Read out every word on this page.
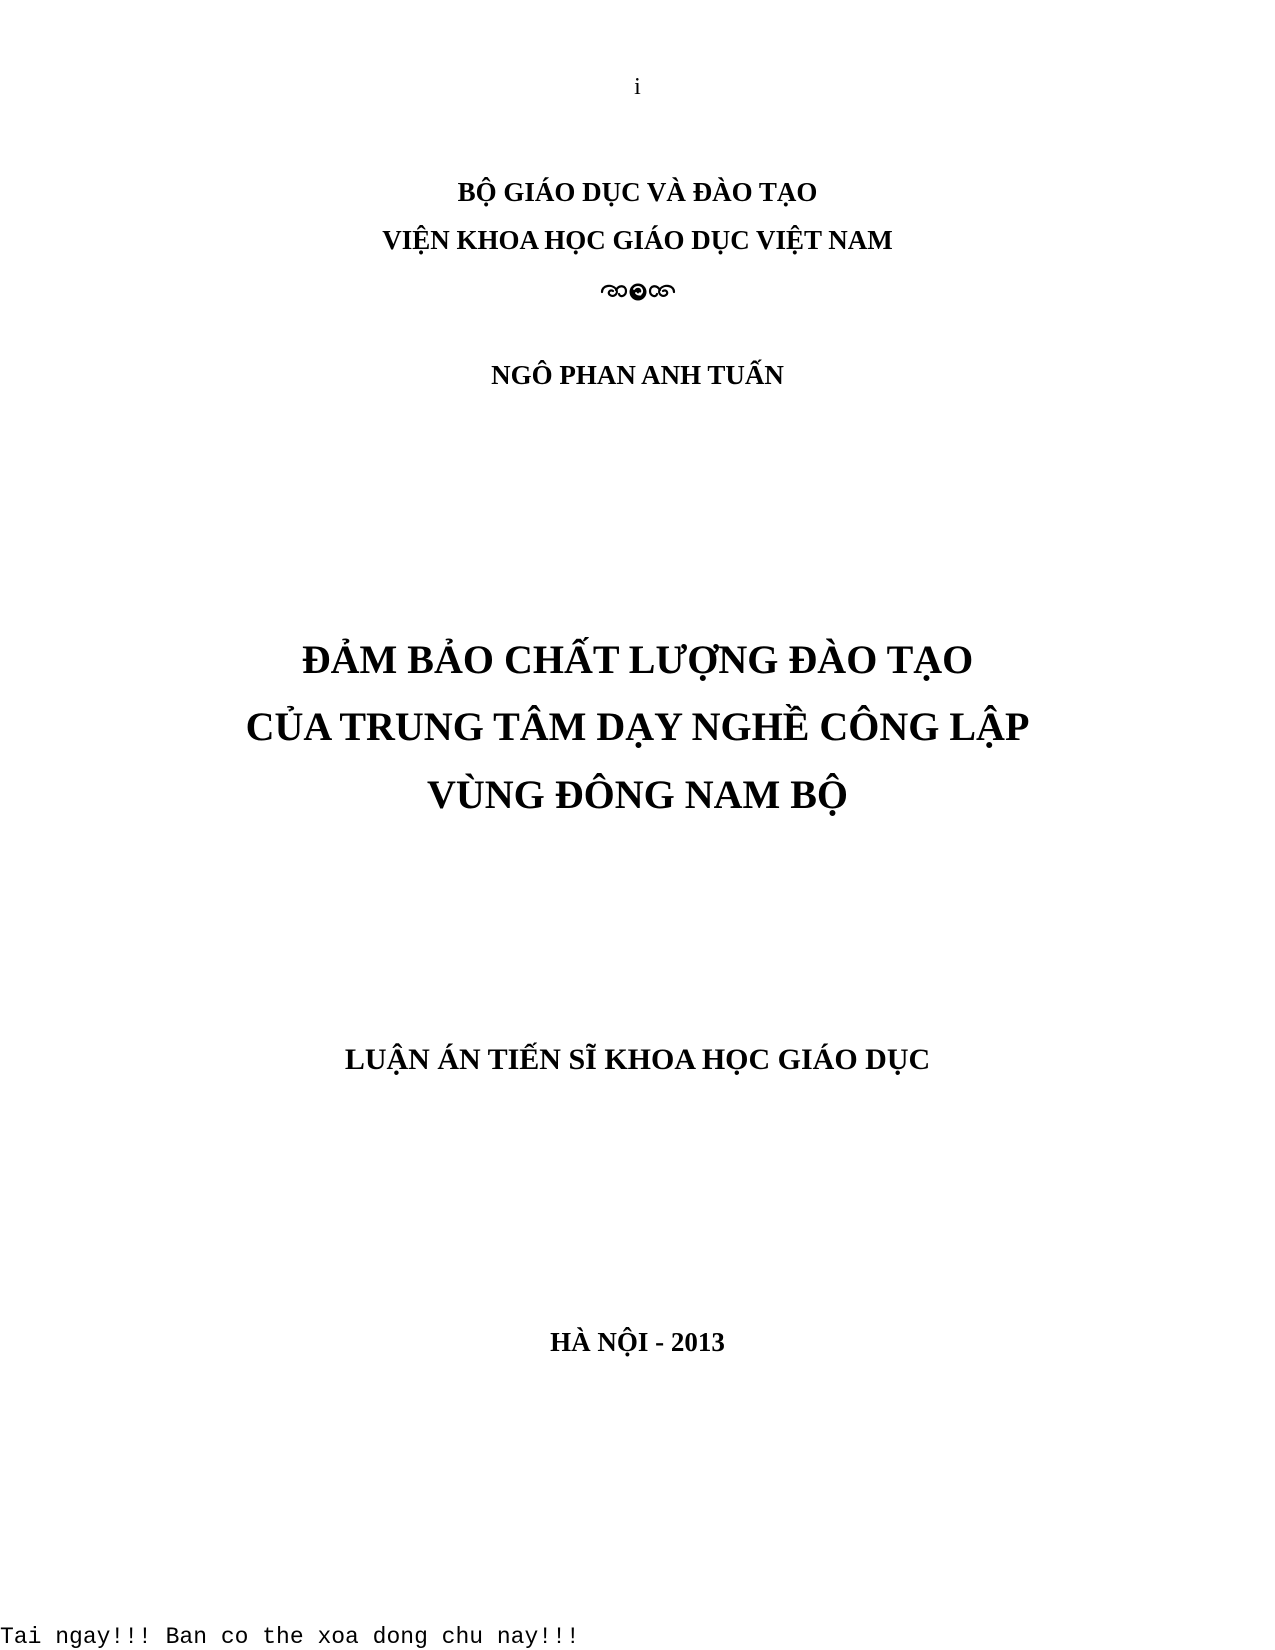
i
BỘ GIÁO DỤC VÀ ĐÀO TẠO
VIỆN KHOA HỌC GIÁO DỤC VIỆT NAM
NGÔ PHAN ANH TUẤN
ĐẢM BẢO CHẤT LƯỢNG ĐÀO TẠO
CỦA TRUNG TÂM DẠY NGHỀ CÔNG LẬP
VÙNG ĐÔNG NAM BỘ
LUẬN ÁN TIẾN SĨ KHOA HỌC GIÁO DỤC
HÀ NỘI - 2013
Tai ngay!!! Ban co the xoa dong chu nay!!!
